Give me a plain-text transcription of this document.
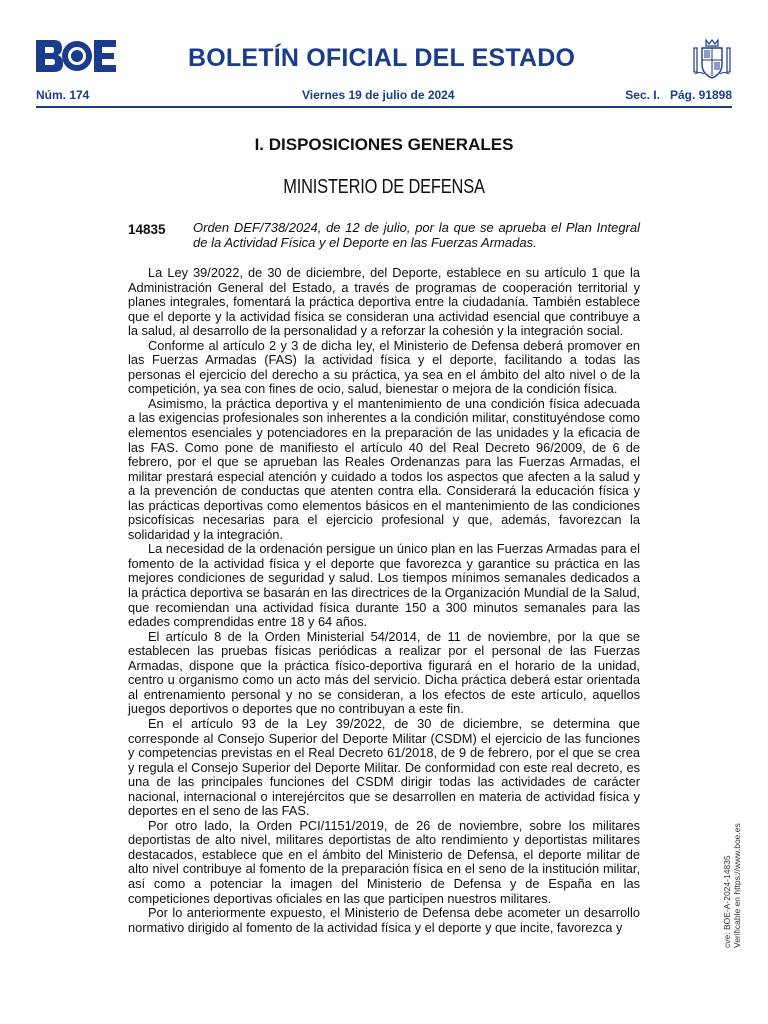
BOLETÍN OFICIAL DEL ESTADO
Núm. 174	Viernes 19 de julio de 2024	Sec. I. Pág. 91898
I. DISPOSICIONES GENERALES
MINISTERIO DE DEFENSA
14835 Orden DEF/738/2024, de 12 de julio, por la que se aprueba el Plan Integral de la Actividad Física y el Deporte en las Fuerzas Armadas.

La Ley 39/2022, de 30 de diciembre, del Deporte, establece en su artículo 1 que la Administración General del Estado, a través de programas de cooperación territorial y planes integrales, fomentará la práctica deportiva entre la ciudadanía. También establece que el deporte y la actividad física se consideran una actividad esencial que contribuye a la salud, al desarrollo de la personalidad y a reforzar la cohesión y la integración social.

Conforme al artículo 2 y 3 de dicha ley, el Ministerio de Defensa deberá promover en las Fuerzas Armadas (FAS) la actividad física y el deporte, facilitando a todas las personas el ejercicio del derecho a su práctica, ya sea en el ámbito del alto nivel o de la competición, ya sea con fines de ocio, salud, bienestar o mejora de la condición física.

Asimismo, la práctica deportiva y el mantenimiento de una condición física adecuada a las exigencias profesionales son inherentes a la condición militar, constituyéndose como elementos esenciales y potenciadores en la preparación de las unidades y la eficacia de las FAS. Como pone de manifiesto el artículo 40 del Real Decreto 96/2009, de 6 de febrero, por el que se aprueban las Reales Ordenanzas para las Fuerzas Armadas, el militar prestará especial atención y cuidado a todos los aspectos que afecten a la salud y a la prevención de conductas que atenten contra ella. Considerará la educación física y las prácticas deportivas como elementos básicos en el mantenimiento de las condiciones psicofísicas necesarias para el ejercicio profesional y que, además, favorezcan la solidaridad y la integración.

La necesidad de la ordenación persigue un único plan en las Fuerzas Armadas para el fomento de la actividad física y el deporte que favorezca y garantice su práctica en las mejores condiciones de seguridad y salud. Los tiempos mínimos semanales dedicados a la práctica deportiva se basarán en las directrices de la Organización Mundial de la Salud, que recomiendan una actividad física durante 150 a 300 minutos semanales para las edades comprendidas entre 18 y 64 años.

El artículo 8 de la Orden Ministerial 54/2014, de 11 de noviembre, por la que se establecen las pruebas físicas periódicas a realizar por el personal de las Fuerzas Armadas, dispone que la práctica físico-deportiva figurará en el horario de la unidad, centro u organismo como un acto más del servicio. Dicha práctica deberá estar orientada al entrenamiento personal y no se consideran, a los efectos de este artículo, aquellos juegos deportivos o deportes que no contribuyan a este fin.

En el artículo 93 de la Ley 39/2022, de 30 de diciembre, se determina que corresponde al Consejo Superior del Deporte Militar (CSDM) el ejercicio de las funciones y competencias previstas en el Real Decreto 61/2018, de 9 de febrero, por el que se crea y regula el Consejo Superior del Deporte Militar. De conformidad con este real decreto, es una de las principales funciones del CSDM dirigir todas las actividades de carácter nacional, internacional o interejércitos que se desarrollen en materia de actividad física y deportes en el seno de las FAS.

Por otro lado, la Orden PCI/1151/2019, de 26 de noviembre, sobre los militares deportistas de alto nivel, militares deportistas de alto rendimiento y deportistas militares destacados, establece que en el ámbito del Ministerio de Defensa, el deporte militar de alto nivel contribuye al fomento de la preparación física en el seno de la institución militar, así como a potenciar la imagen del Ministerio de Defensa y de España en las competiciones deportivas oficiales en las que participen nuestros militares.

Por lo anteriormente expuesto, el Ministerio de Defensa debe acometer un desarrollo normativo dirigido al fomento de la actividad física y el deporte y que incite, favorezca y	cve: BOE-A-2024-14835 Verificable en https://www.boe.es
